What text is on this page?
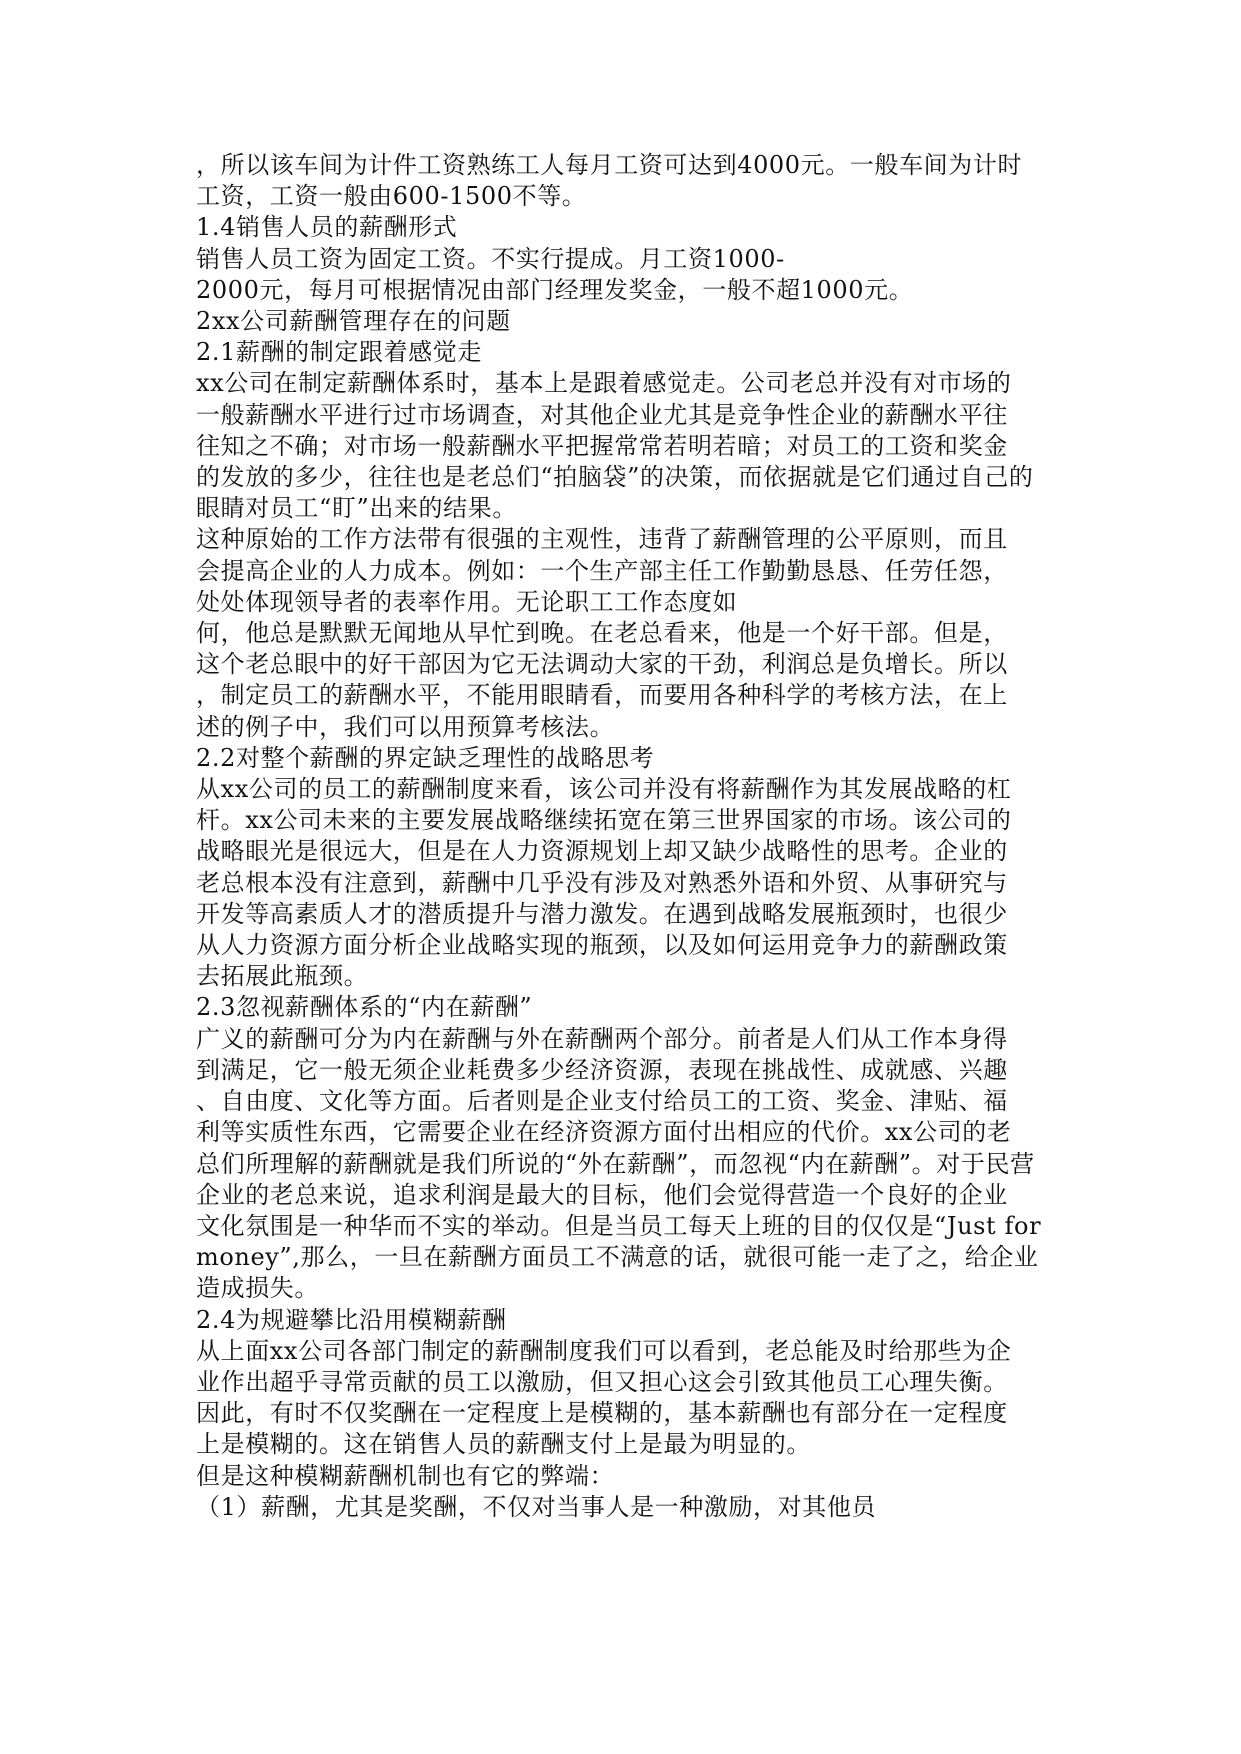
，所以该车间为计件工资熟练工人每月工资可达到4000元。一般车间为计时
工资，工资一般由600-1500不等。
1.4销售人员的薪酬形式
销售人员工资为固定工资。不实行提成。月工资1000-
2000元，每月可根据情况由部门经理发奖金，一般不超1000元。
2xx公司薪酬管理存在的问题
2.1薪酬的制定跟着感觉走
xx公司在制定薪酬体系时，基本上是跟着感觉走。公司老总并没有对市场的
一般薪酬水平进行过市场调查，对其他企业尤其是竞争性企业的薪酬水平往
往知之不确；对市场一般薪酬水平把握常常若明若暗；对员工的工资和奖金
的发放的多少，往往也是老总们“拍脑袋”的决策，而依据就是它们通过自己的
眼睛对员工“盯”出来的结果。
这种原始的工作方法带有很强的主观性，违背了薪酬管理的公平原则，而且
会提高企业的人力成本。例如：一个生产部主任工作勤勤恳恳、任劳任怨，
处处体现领导者的表率作用。无论职工工作态度如
何，他总是默默无闻地从早忙到晚。在老总看来，他是一个好干部。但是，
这个老总眼中的好干部因为它无法调动大家的干劲，利润总是负增长。所以
，制定员工的薪酬水平，不能用眼睛看，而要用各种科学的考核方法，在上
述的例子中，我们可以用预算考核法。
2.2对整个薪酬的界定缺乏理性的战略思考
从xx公司的员工的薪酬制度来看，该公司并没有将薪酬作为其发展战略的杠
杆。xx公司未来的主要发展战略继续拓宽在第三世界国家的市场。该公司的
战略眼光是很远大，但是在人力资源规划上却又缺少战略性的思考。企业的
老总根本没有注意到，薪酬中几乎没有涉及对熟悉外语和外贸、从事研究与
开发等高素质人才的潜质提升与潜力激发。在遇到战略发展瓶颈时，也很少
从人力资源方面分析企业战略实现的瓶颈，以及如何运用竞争力的薪酬政策
去拓展此瓶颈。
2.3忽视薪酬体系的“内在薪酬”
广义的薪酬可分为内在薪酬与外在薪酬两个部分。前者是人们从工作本身得
到满足，它一般无须企业耗费多少经济资源，表现在挑战性、成就感、兴趣
、自由度、文化等方面。后者则是企业支付给员工的工资、奖金、津贴、福
利等实质性东西，它需要企业在经济资源方面付出相应的代价。xx公司的老
总们所理解的薪酬就是我们所说的“外在薪酬”，而忽视“内在薪酬”。对于民营
企业的老总来说，追求利润是最大的目标，他们会觉得营造一个良好的企业
文化氛围是一种华而不实的举动。但是当员工每天上班的目的仅仅是“Just for
money”,那么，一旦在薪酬方面员工不满意的话，就很可能一走了之，给企业
造成损失。
2.4为规避攀比沿用模糊薪酬
从上面xx公司各部门制定的薪酬制度我们可以看到，老总能及时给那些为企
业作出超乎寻常贡献的员工以激励，但又担心这会引致其他员工心理失衡。
因此，有时不仅奖酬在一定程度上是模糊的，基本薪酬也有部分在一定程度
上是模糊的。这在销售人员的薪酬支付上是最为明显的。
但是这种模糊薪酬机制也有它的弊端：
（1）薪酬，尤其是奖酬，不仅对当事人是一种激励，对其他员
